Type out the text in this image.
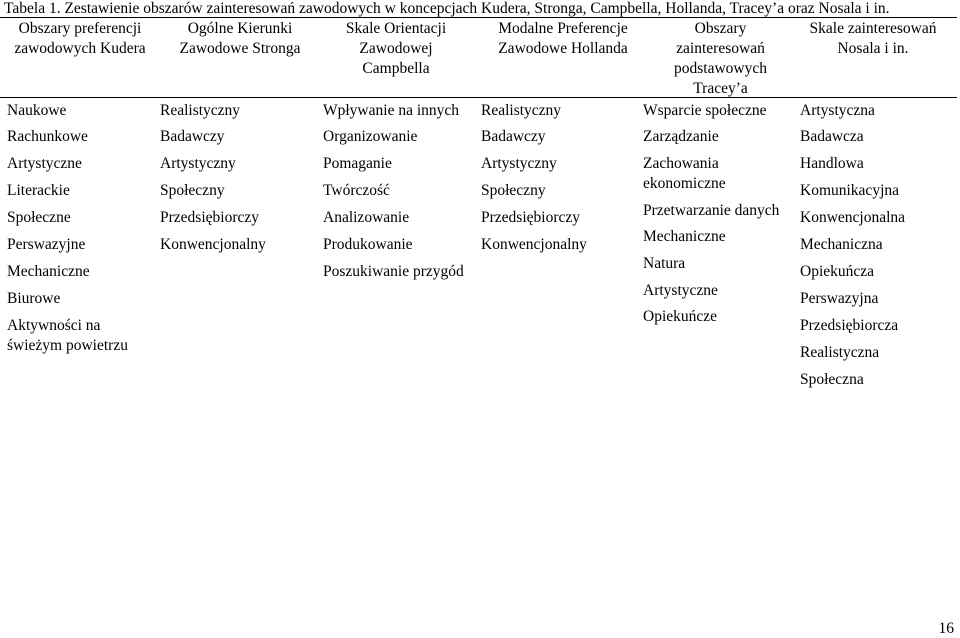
Tabela 1. Zestawienie obszarów zainteresowań zawodowych w koncepcjach Kudera, Stronga, Campbella, Hollanda, Tracey’a oraz Nosala i in.
Obszary preferencji zawodowych Kudera
Ogólne Kierunki Zawodowe Stronga
Skale Orientacji Zawodowej Campbella
Modalne Preferencje Zawodowe Hollanda
Obszary zainteresowań podstawowych Tracey’a
Skale zainteresowań Nosala i in.
Naukowe
Rachunkowe
Artystyczne
Literackie
Społeczne
Perswazyjne
Mechaniczne
Biurowe
Aktywności na świeżym powietrzu
Realistyczny
Badawczy
Artystyczny
Społeczny
Przedsiębiorczy
Konwencjonalny
Wpływanie na innych
Organizowanie
Pomaganie
Twórczość
Analizowanie
Produkowanie
Poszukiwanie przygód
Realistyczny
Badawczy
Artystyczny
Społeczny
Przedsiębiorczy
Konwencjonalny
Wsparcie społeczne
Zarządzanie
Zachowania ekonomiczne
Przetwarzanie danych
Mechaniczne
Natura
Artystyczne
Opiekuńcze
Artystyczna
Badawcza
Handlowa
Komunikacyjna
Konwencjonalna
Mechaniczna
Opiekuńcza
Perswazyjna
Przedsiębiorcza
Realistyczna
Społeczna
16
